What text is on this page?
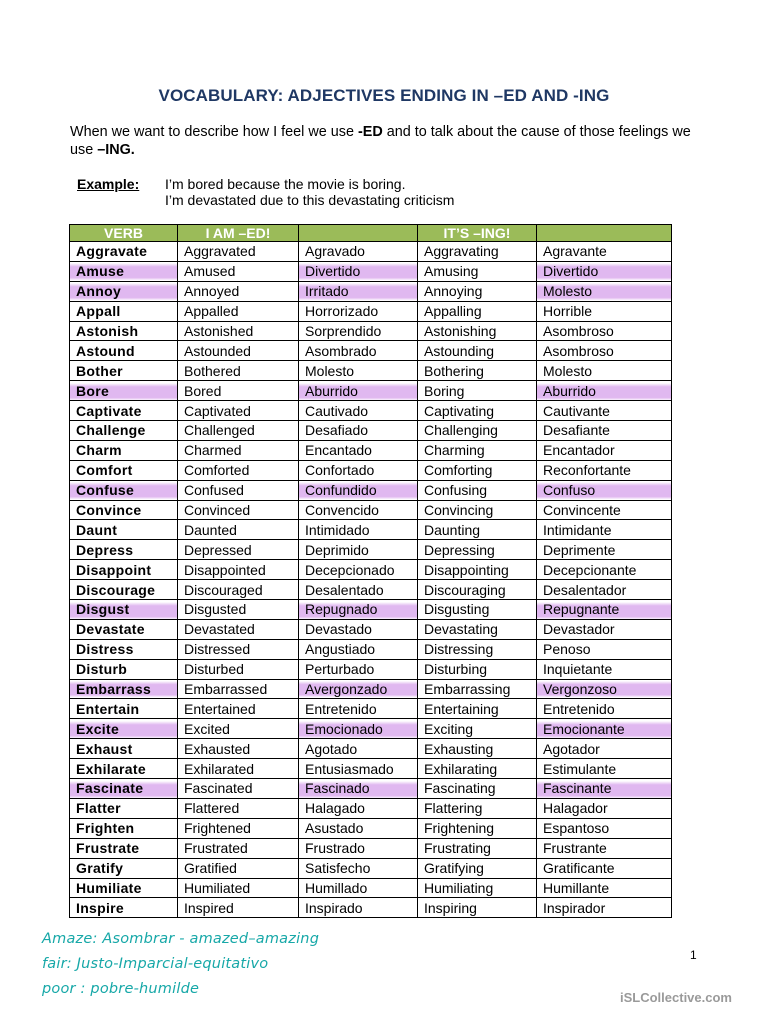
VOCABULARY: ADJECTIVES ENDING IN –ED AND -ING
When we want to describe how I feel we use -ED and to talk about the cause of those feelings we use –ING.
Example: I’m bored because the movie is boring.
I’m devastated due to this devastating criticism
VERB	I AM –ED!		IT’S –ING!	
Aggravate	Aggravated	Agravado	Aggravating	Agravante
Amuse	Amused	Divertido	Amusing	Divertido
Annoy	Annoyed	Irritado	Annoying	Molesto
Appall	Appalled	Horrorizado	Appalling	Horrible
Astonish	Astonished	Sorprendido	Astonishing	Asombroso
Astound	Astounded	Asombrado	Astounding	Asombroso
Bother	Bothered	Molesto	Bothering	Molesto
Bore	Bored	Aburrido	Boring	Aburrido
Captivate	Captivated	Cautivado	Captivating	Cautivante
Challenge	Challenged	Desafiado	Challenging	Desafiante
Charm	Charmed	Encantado	Charming	Encantador
Comfort	Comforted	Confortado	Comforting	Reconfortante
Confuse	Confused	Confundido	Confusing	Confuso
Convince	Convinced	Convencido	Convincing	Convincente
Daunt	Daunted	Intimidado	Daunting	Intimidante
Depress	Depressed	Deprimido	Depressing	Deprimente
Disappoint	Disappointed	Decepcionado	Disappointing	Decepcionante
Discourage	Discouraged	Desalentado	Discouraging	Desalentador
Disgust	Disgusted	Repugnado	Disgusting	Repugnante
Devastate	Devastated	Devastado	Devastating	Devastador
Distress	Distressed	Angustiado	Distressing	Penoso
Disturb	Disturbed	Perturbado	Disturbing	Inquietante
Embarrass	Embarrassed	Avergonzado	Embarrassing	Vergonzoso
Entertain	Entertained	Entretenido	Entertaining	Entretenido
Excite	Excited	Emocionado	Exciting	Emocionante
Exhaust	Exhausted	Agotado	Exhausting	Agotador
Exhilarate	Exhilarated	Entusiasmado	Exhilarating	Estimulante
Fascinate	Fascinated	Fascinado	Fascinating	Fascinante
Flatter	Flattered	Halagado	Flattering	Halagador
Frighten	Frightened	Asustado	Frightening	Espantoso
Frustrate	Frustrated	Frustrado	Frustrating	Frustrante
Gratify	Gratified	Satisfecho	Gratifying	Gratificante
Humiliate	Humiliated	Humillado	Humiliating	Humillante
Inspire	Inspired	Inspirado	Inspiring	Inspirador
Amaze: Asombrar - amazed–amazing
fair: Justo-Imparcial-equitativo
poor : pobre-humilde
1
iSLCollective.com
